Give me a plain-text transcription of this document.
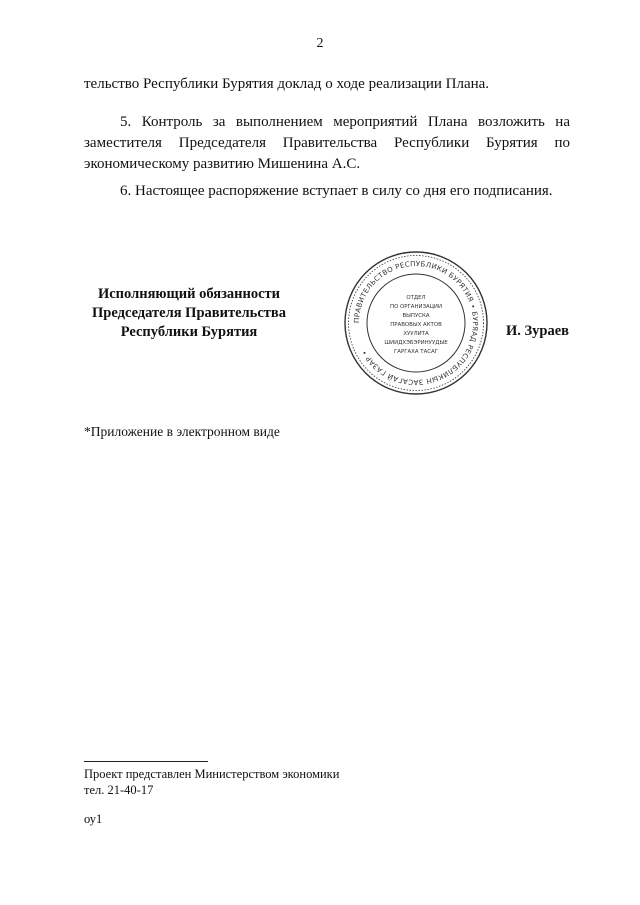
2
тельство Республики Бурятия доклад о ходе реализации Плана.
5. Контроль за выполнением мероприятий Плана возложить на заместителя Председателя Правительства Республики Бурятия по экономическому развитию Мишенина А.С.
6. Настоящее распоряжение вступает в силу со дня его подписания.
Исполняющий обязанности
Председателя Правительства
Республики Бурятия
ПРАВИТЕЛЬСТВО РЕСПУБЛИКИ БУРЯТИЯ • БУРЯАД РЕСПУБЛИКЫН ЗАСАГАЙ ГАЗАР •
ОТДЕЛ
ПО ОРГАНИЗАЦИИ
ВЫПУСКА
ПРАВОВЫХ АКТОВ
ХУУЛИТА
ШИИДХЭБЭРИНУУДЫЕ
ГАРГАХА ТАСАГ
И. Зураев
*Приложение в электронном виде
Проект представлен Министерством экономики
тел. 21-40-17
оу1
